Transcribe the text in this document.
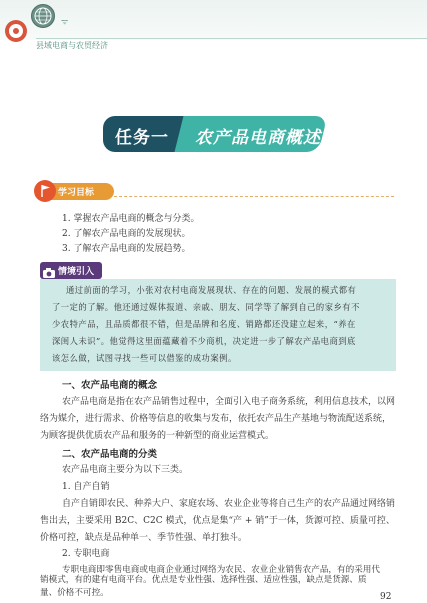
ᯤ
县域电商与农贸经济
任务一 农产品电商概述
学习目标
1. 掌握农产品电商的概念与分类。
2. 了解农产品电商的发展现状。
3. 了解农产品电商的发展趋势。
情境引入
通过前面的学习，小张对农村电商发展现状、存在的问题、发展的模式都有
了一定的了解。他还通过媒体报道、亲戚、朋友、同学等了解到自己的家乡有不
少农特产品，且品质都很不错，但是品牌和名度、销路都还没建立起来，“养在
深闺人未识”。他觉得这里面蕴藏着不少商机，决定进一步了解农产品电商到底
该怎么做，试图寻找一些可以借鉴的成功案例。
一、农产品电商的概念
农产品电商是指在农产品销售过程中，全面引入电子商务系统，利用信息技术，以网
络为媒介，进行需求、价格等信息的收集与发布，依托农产品生产基地与物流配送系统，
为顾客提供优质农产品和服务的一种新型的商业运营模式。
二、农产品电商的分类
农产品电商主要分为以下三类。
1. 自产自销
自产自销即农民、种养大户、家庭农场、农业企业等将自己生产的农产品通过网络销
售出去，主要采用 B2C、C2C 模式，优点是集“产 + 销”于一体，货源可控、质量可控、
价格可控，缺点是品种单一、季节性强、单打独斗。
2. 专职电商
专职电商即零售电商或电商企业通过网络为农民、农业企业销售农产品，有的采用代
92
销模式，有的建有电商平台。优点是专业性强、选择性强、适应性强，缺点是货源、质
量、价格不可控。
